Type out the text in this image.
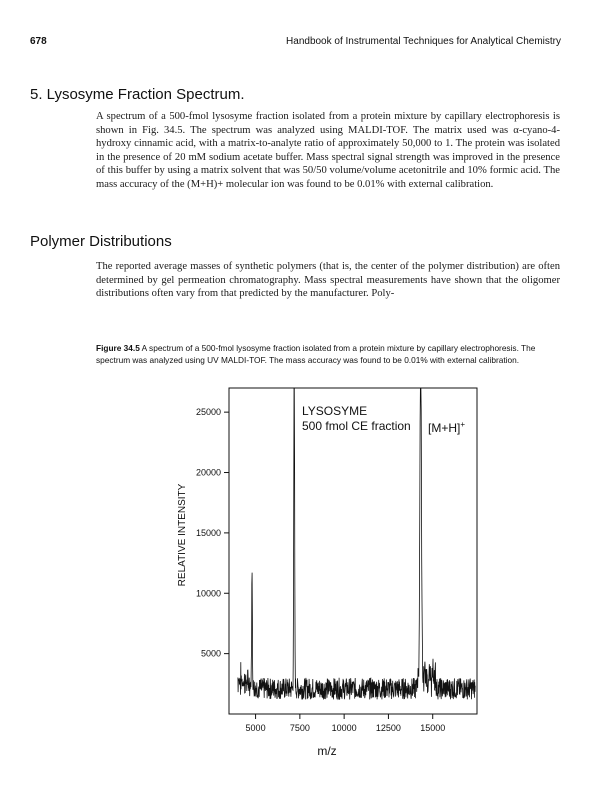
678	Handbook of Instrumental Techniques for Analytical Chemistry
5. Lysosyme Fraction Spectrum.
A spectrum of a 500-fmol lysosyme fraction isolated from a protein mixture by capillary electrophoresis is shown in Fig. 34.5. The spectrum was analyzed using MALDI-TOF. The matrix used was α-cyano-4-hydroxy cinnamic acid, with a matrix-to-analyte ratio of approximately 50,000 to 1. The protein was isolated in the presence of 20 mM sodium acetate buffer. Mass spectral signal strength was improved in the presence of this buffer by using a matrix solvent that was 50/50 volume/volume acetonitrile and 10% formic acid. The mass accuracy of the (M+H)+ molecular ion was found to be 0.01% with external calibration.
Polymer Distributions
The reported average masses of synthetic polymers (that is, the center of the polymer distribution) are often determined by gel permeation chromatography. Mass spectral measurements have shown that the oligomer distributions often vary from that predicted by the manufacturer. Poly-
Figure 34.5 A spectrum of a 500-fmol lysosyme fraction isolated from a protein mixture by capillary electrophoresis. The spectrum was analyzed using UV MALDI-TOF. The mass accuracy was found to be 0.01% with external calibration.
5000	7500 10000 12500 15000
5000
10000
15000
20000
25000	LYSOSYME
500 fmol CE fraction [M+H]+
m/z
RELATIVE INTENSITY
